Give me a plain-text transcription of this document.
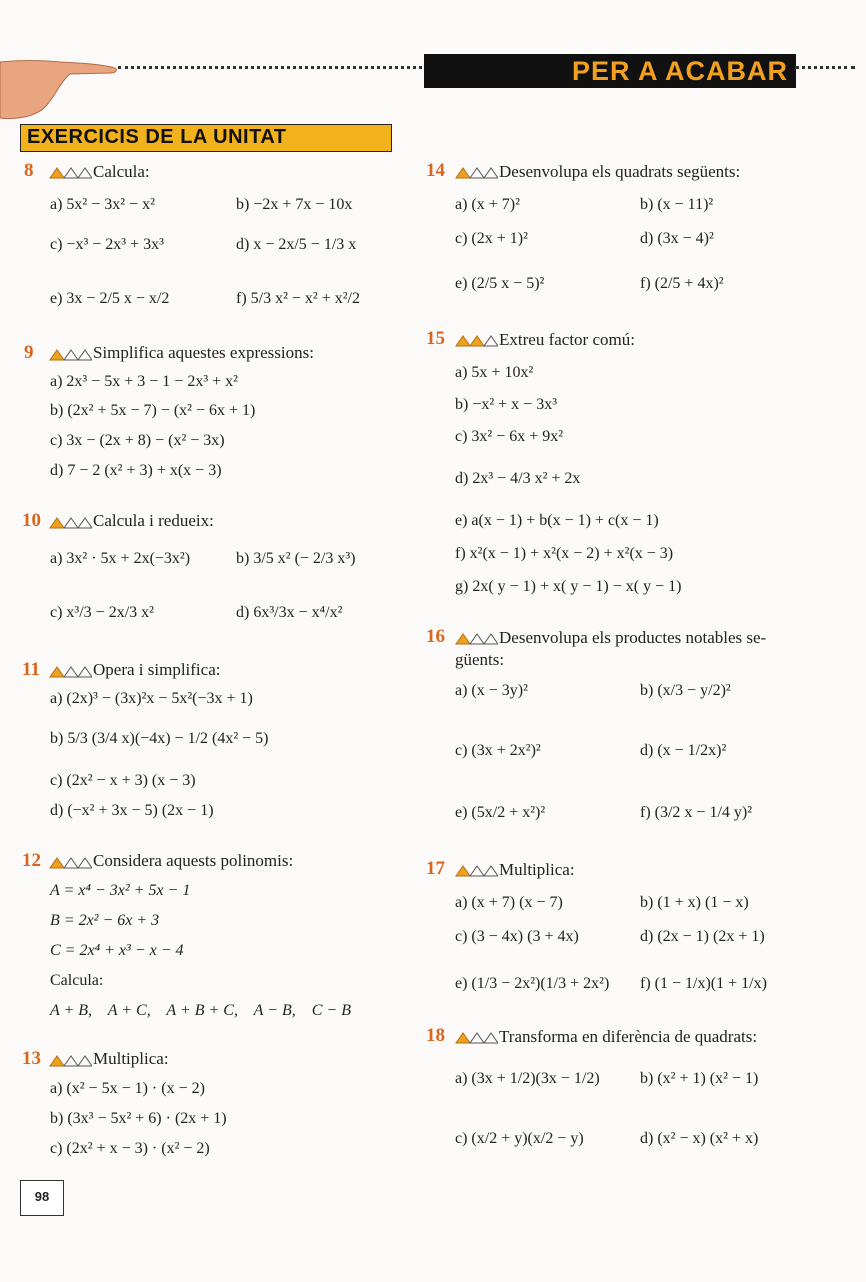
PER A ACABAR
EXERCICIS DE LA UNITAT
8	Calcula:
a) 5x² − 3x² − x²	b) −2x + 7x − 10x
c) −x³ − 2x³ + 3x³	d) x − 2x/5 − 1/3 x
e) 3x − 2/5 x − x/2	f) 5/3 x² − x² + x²/2
9	Simplifica aquestes expressions:
a) 2x³ − 5x + 3 − 1 − 2x³ + x²
b) (2x² + 5x − 7) − (x² − 6x + 1)
c) 3x − (2x + 8) − (x² − 3x)
d) 7 − 2 (x² + 3) + x(x − 3)
10	Calcula i redueix:
a) 3x² · 5x + 2x(−3x²)	b) 3/5 x² (− 2/3 x³)
c) x³/3 − 2x/3 x²	d) 6x³/3x − x⁴/x²
11	Opera i simplifica:
a) (2x)³ − (3x)²x − 5x²(−3x + 1)
b) 5/3 (3/4 x)(−4x) − 1/2 (4x² − 5)
c) (2x² − x + 3) (x − 3)
d) (−x² + 3x − 5) (2x − 1)
12	Considera aquests polinomis:
A = x⁴ − 3x² + 5x − 1
B = 2x² − 6x + 3
C = 2x⁴ + x³ − x − 4
Calcula:
A + B,    A + C,    A + B + C,    A − B,    C − B
13	Multiplica:
a) (x² − 5x − 1) · (x − 2)
b) (3x³ − 5x² + 6) · (2x + 1)
c) (2x² + x − 3) · (x² − 2)
14	Desenvolupa els quadrats següents:
a) (x + 7)²	b) (x − 11)²
c) (2x + 1)²	d) (3x − 4)²
e) (2/5 x − 5)²	f) (2/5 + 4x)²
15	Extreu factor comú:
a) 5x + 10x²
b) −x² + x − 3x³
c) 3x² − 6x + 9x²
d) 2x³ − 4/3 x² + 2x
e) a(x − 1) + b(x − 1) + c(x − 1)
f) x²(x − 1) + x²(x − 2) + x²(x − 3)
g) 2x( y − 1) + x( y − 1) − x( y − 1)
16	Desenvolupa els productes notables se-
güents:
a) (x − 3y)²	b) (x/3 − y/2)²
c) (3x + 2x²)²	d) (x − 1/2x)²
e) (5x/2 + x²)²	f) (3/2 x − 1/4 y)²
17	Multiplica:
a) (x + 7) (x − 7)	b) (1 + x) (1 − x)
c) (3 − 4x) (3 + 4x)	d) (2x − 1) (2x + 1)
e) (1/3 − 2x²)(1/3 + 2x²) f) (1 − 1/x)(1 + 1/x)
18	Transforma en diferència de quadrats:
a) (3x + 1/2)(3x − 1/2)	b) (x² + 1) (x² − 1)
c) (x/2 + y)(x/2 − y)	d) (x² − x) (x² + x)
98
